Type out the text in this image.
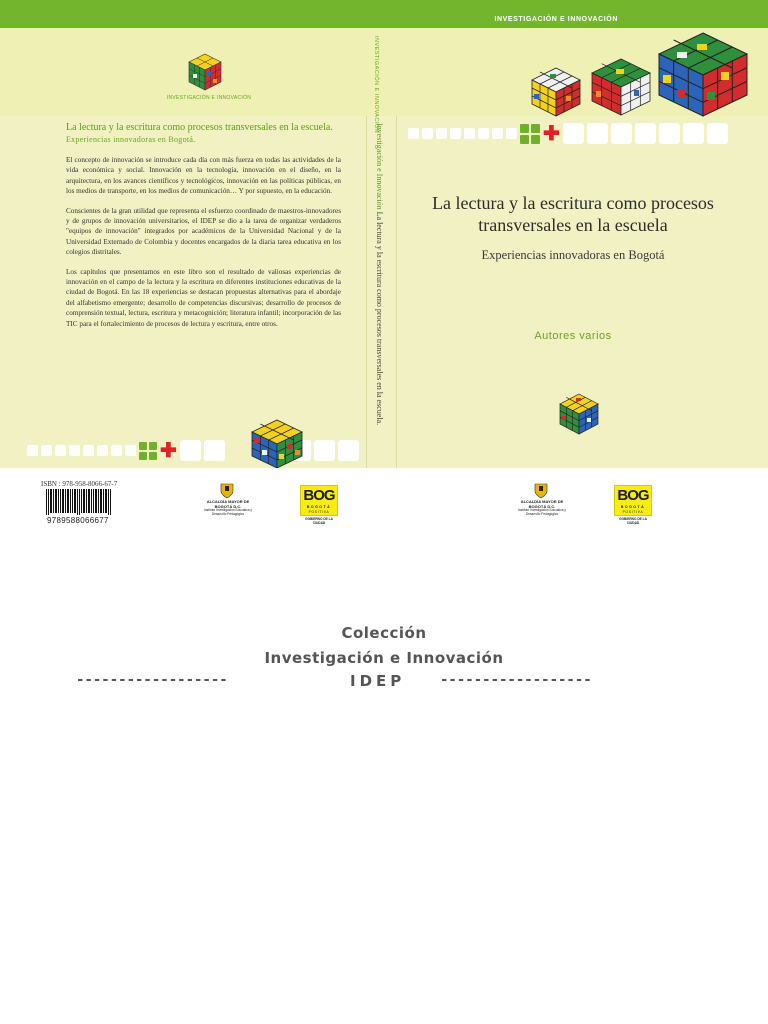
INVESTIGACIÓN E INNOVACIÓN
INVESTIGACIÓN E INNOVACIÓN
La lectura y la escritura como procesos transversales en la escuela.
Experiencias innovadoras en Bogotá.

El concepto de innovación se introduce cada día con más fuerza en todas las actividades de la vida económica y social. Innovación en la tecnología, innovación en el diseño, en la arquitectura, en los avances científicos y tecnológicos, innovación en las políticas públicas, en los medios de transporte, en los medios de comunicación… Y por supuesto, en la educación.

Conscientes de la gran utilidad que representa el esfuerzo coordinado de maestros-innovadores y de grupos de innovación universitarios, el IDEP se dio a la tarea de organizar verdaderos "equipos de innovación" integrados por académicos de la Universidad Nacional y de la Universidad Externado de Colombia y docentes encargados de la diaria tarea educativa en los colegios distritales.

Los capítulos que presentamos en este libro son el resultado de valiosas experiencias de innovación en el campo de la lectura y la escritura en diferentes instituciones educativas de la ciudad de Bogotá. En las 18 experiencias se destacan propuestas alternativas para el abordaje del alfabetismo emergente; desarrollo de competencias discursivas; desarrollo de procesos de comprensión textual, lectura, escritura y metacognición; literatura infantil; incorporación de las TIC para el fortalecimiento de procesos de lectura y escritura, entre otros.

✚
INVESTIGACIÓN E INNOVACIÓN
Investigación e Innovación La lectura y la escritura como procesos transversales en la escuela.
✚
La lectura y la escritura como procesos transversales en la escuela
Experiencias innovadoras en Bogotá
Autores varios
ISBN : 978-958-8066-67-7
9789588066677
ALCALDÍA MAYOR DE BOGOTÁ D.C.
Instituto Investigación Educativa y Desarrollo Pedagógico
BOG
BOGOTÁ
POSITIVA
GOBIERNO DE LA CIUDAD
ALCALDÍA MAYOR DE BOGOTÁ D.C.
Instituto Investigación Educativa y Desarrollo Pedagógico
BOG
BOGOTÁ
POSITIVA
GOBIERNO DE LA CIUDAD
Colección
Investigación e Innovación
------------------	IDEP ------------------
